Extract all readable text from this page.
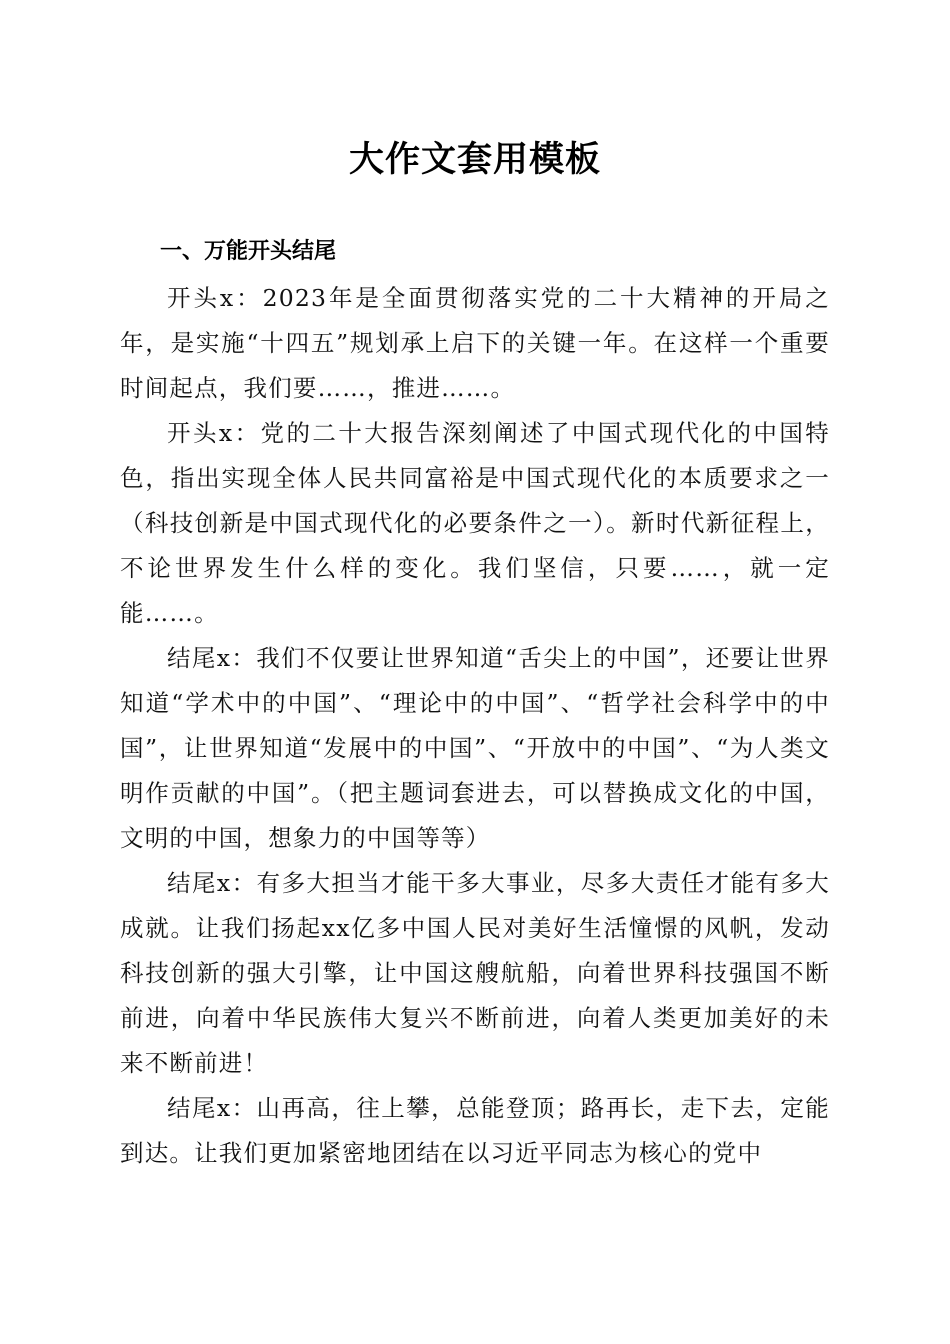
大作文套用模板
一、万能开头结尾

开头x：2023年是全面贯彻落实党的二十大精神的开局之年，是实施“十四五”规划承上启下的关键一年。在这样一个重要时间起点，我们要……，推进……。

开头x：党的二十大报告深刻阐述了中国式现代化的中国特色，指出实现全体人民共同富裕是中国式现代化的本质要求之一（科技创新是中国式现代化的必要条件之一）。新时代新征程上，不论世界发生什么样的变化。我们坚信，只要……，就一定能……。

结尾x：我们不仅要让世界知道“舌尖上的中国”，还要让世界知道“学术中的中国”、“理论中的中国”、“哲学社会科学中的中国”，让世界知道“发展中的中国”、“开放中的中国”、“为人类文明作贡献的中国”。（把主题词套进去，可以替换成文化的中国，文明的中国，想象力的中国等等）

结尾x：有多大担当才能干多大事业，尽多大责任才能有多大成就。让我们扬起xx亿多中国人民对美好生活憧憬的风帆，发动科技创新的强大引擎，让中国这艘航船，向着世界科技强国不断前进，向着中华民族伟大复兴不断前进，向着人类更加美好的未来不断前进！

结尾x：山再高，往上攀，总能登顶；路再长，走下去，定能到达。让我们更加紧密地团结在以习近平同志为核心的党中
